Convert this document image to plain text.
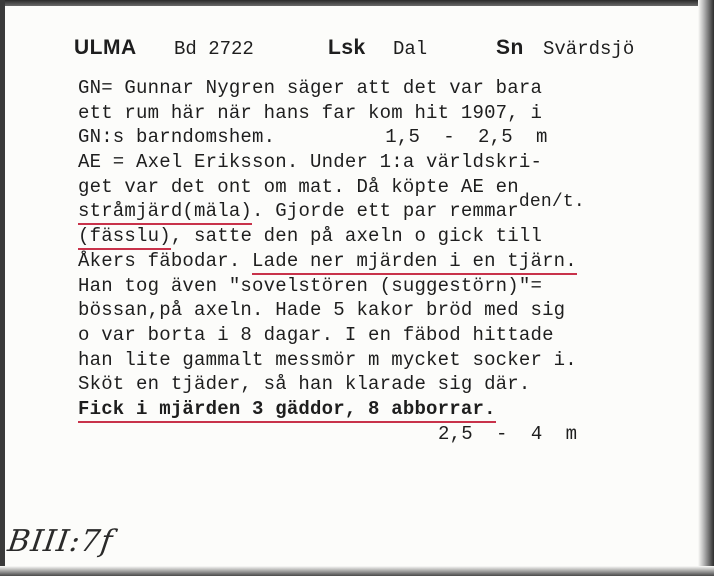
ULMA Bd 2722	Lsk Dal	Sn Svärdsjö
GN= Gunnar Nygren säger att det var bara
ett rum här när hans far kom hit 1907, i
GN:s barndomshem.	1,5  -  2,5  m
AE = Axel Eriksson. Under 1:a världskri-
get var det ont om mat. Då köpte AE en
stråmjärd(mäla). Gjorde ett par remmarden/t.
(fässlu), satte den på axeln o gick till
Åkers fäbodar. Lade ner mjärden i en tjärn.
Han tog även "sovelstören (suggestörn)"=
bössan,på axeln. Hade 5 kakor bröd med sig
o var borta i 8 dagar. I en fäbod hittade
han lite gammalt messmör m mycket socker i.
Sköt en tjäder, så han klarade sig där.
Fick i mjärden 3 gäddor, 8 abborrar.
2,5  -  4  m
BIII:7f
